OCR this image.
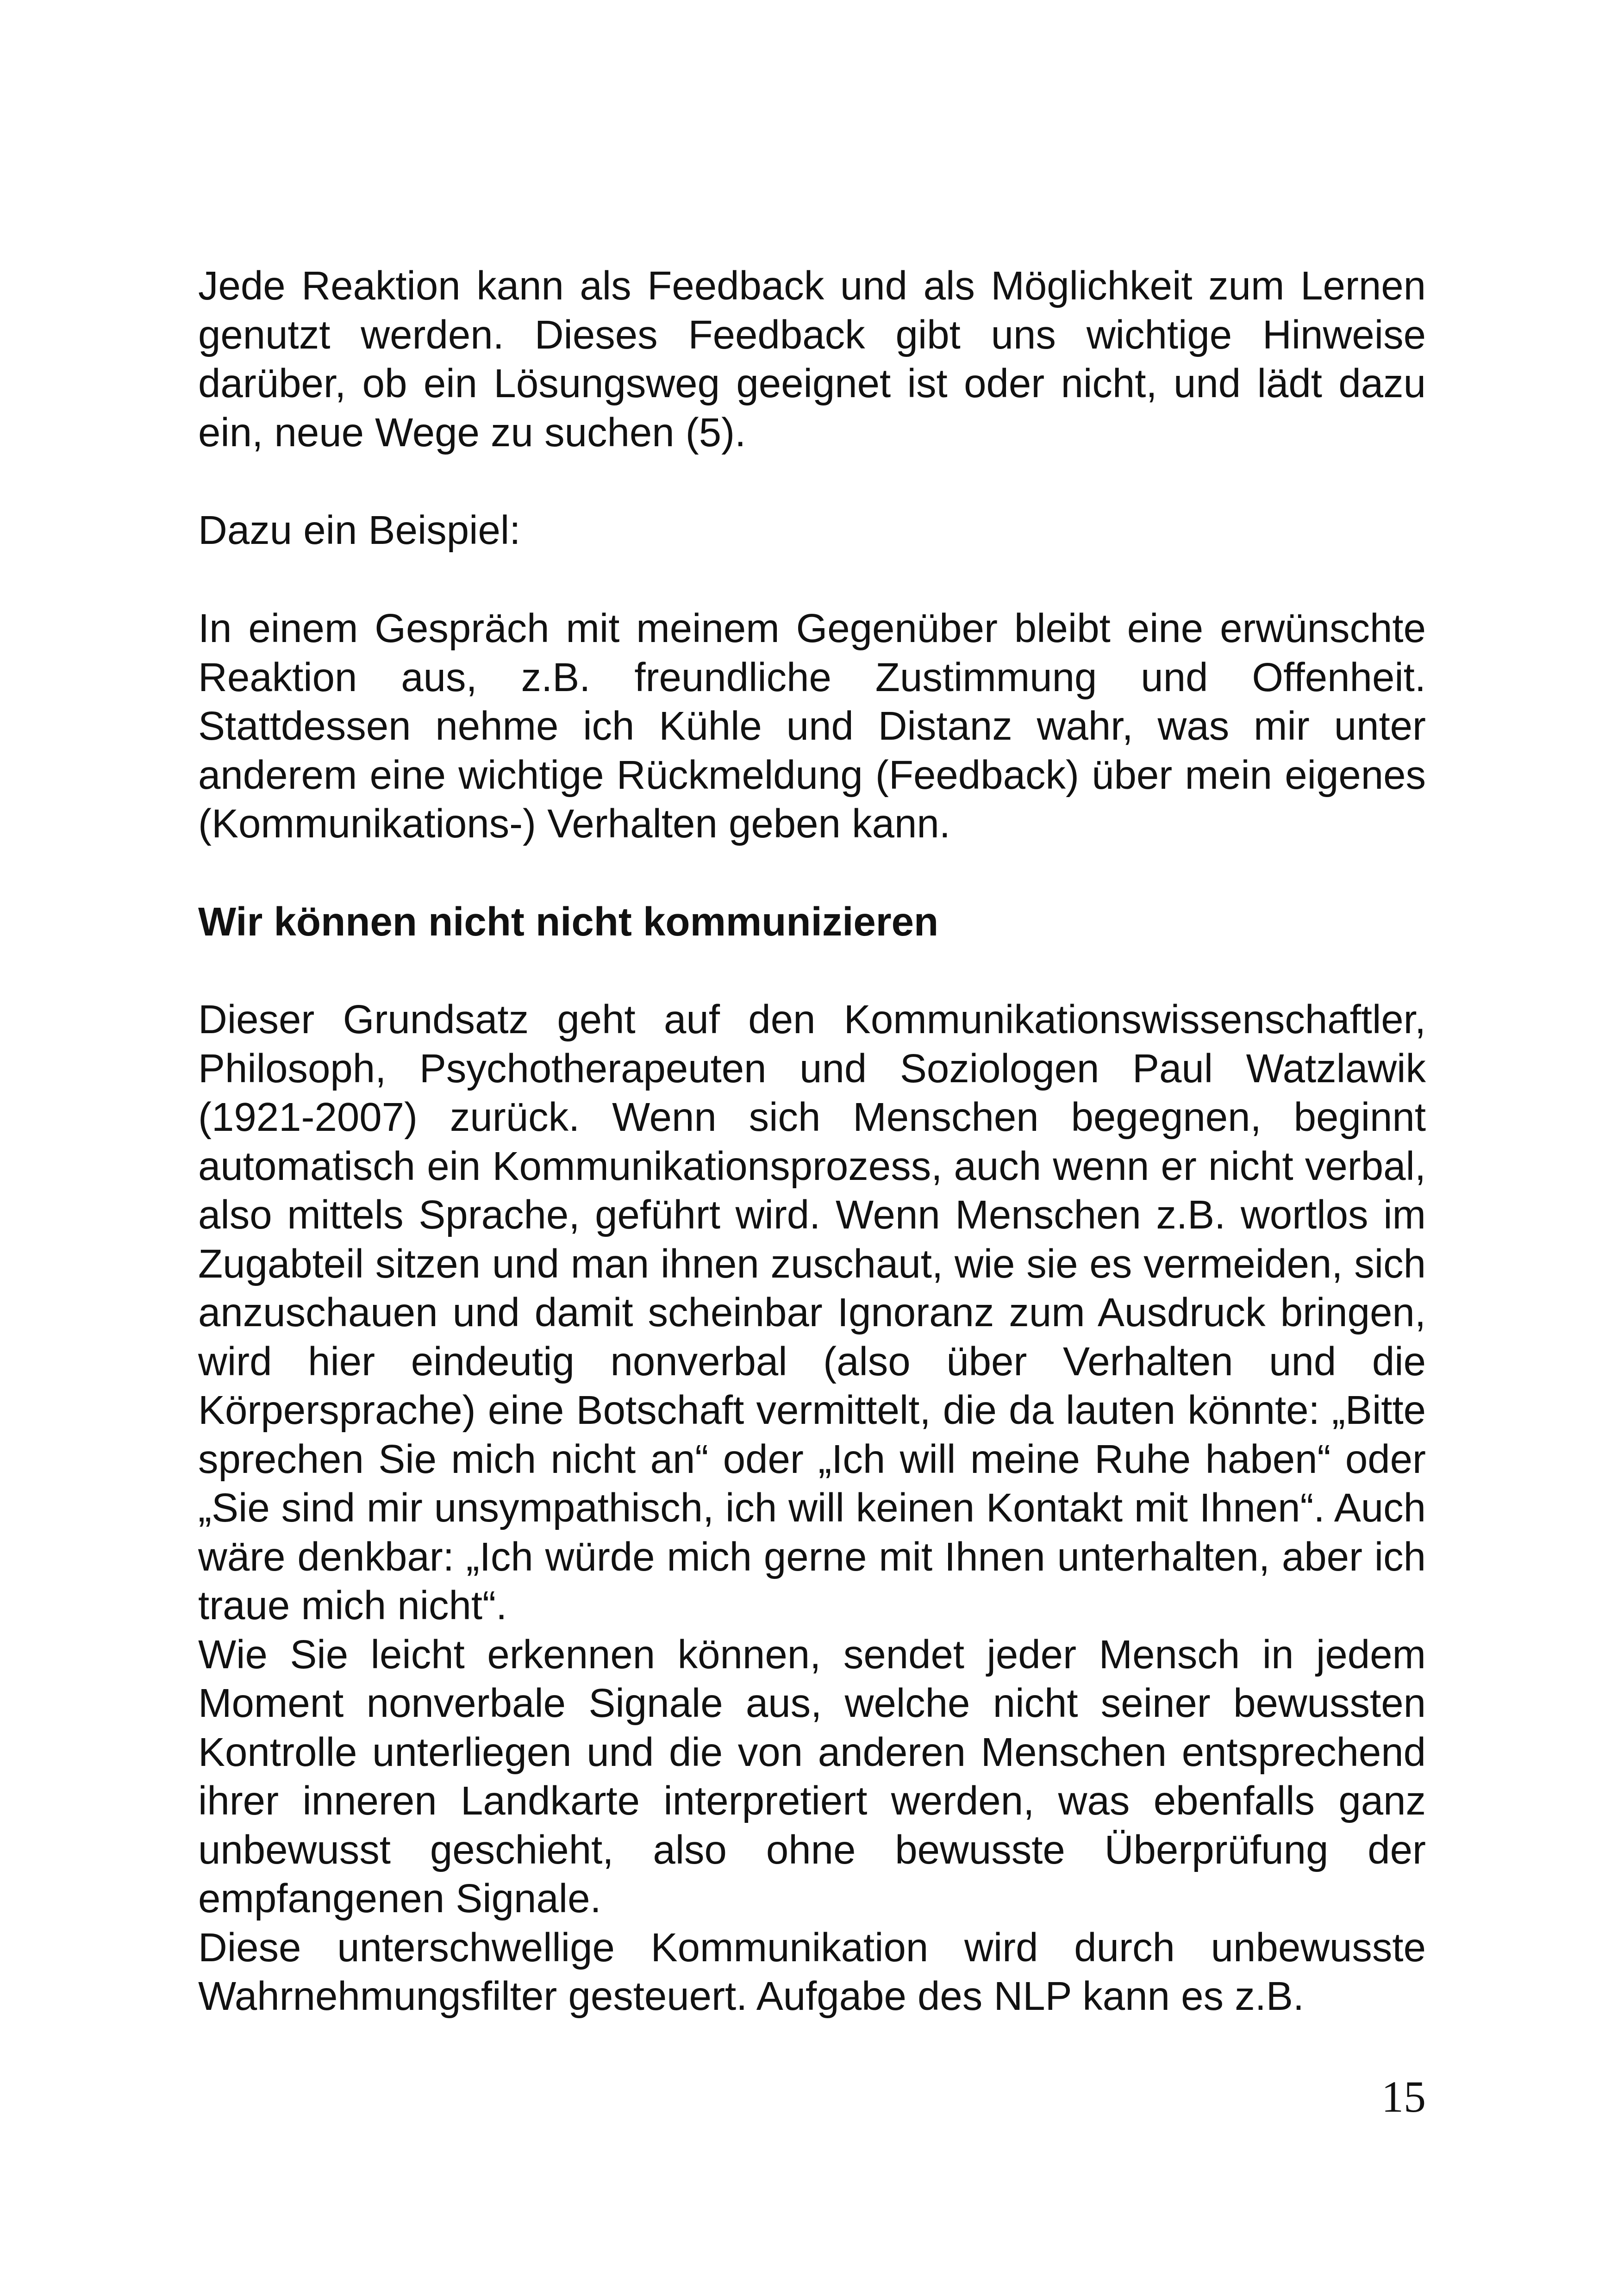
Jede Reaktion kann als Feedback und als Möglichkeit zum Lernen genutzt werden. Dieses Feedback gibt uns wichtige Hinweise darüber, ob ein Lösungsweg geeignet ist oder nicht, und lädt dazu ein, neue Wege zu suchen (5).

Dazu ein Beispiel:

In einem Gespräch mit meinem Gegenüber bleibt eine erwünschte Reaktion aus, z.B. freundliche Zustimmung und Offenheit. Stattdessen nehme ich Kühle und Distanz wahr, was mir unter anderem eine wichtige Rückmeldung (Feedback) über mein eigenes (Kommunikations-) Verhalten geben kann.

Wir können nicht nicht kommunizieren

Dieser Grundsatz geht auf den Kommunikationswissenschaftler, Philosoph, Psychotherapeuten und Soziologen Paul Watzlawik (1921-2007) zurück. Wenn sich Menschen begegnen, beginnt automatisch ein Kommunikationsprozess, auch wenn er nicht verbal, also mittels Sprache, geführt wird. Wenn Menschen z.B. wortlos im Zugabteil sitzen und man ihnen zuschaut, wie sie es vermeiden, sich anzuschauen und damit scheinbar Ignoranz zum Ausdruck bringen, wird hier eindeutig nonverbal (also über Verhalten und die Körpersprache) eine Botschaft vermittelt, die da lauten könnte: „Bitte sprechen Sie mich nicht an“ oder „Ich will meine Ruhe haben“ oder „Sie sind mir unsympathisch, ich will keinen Kontakt mit Ihnen“. Auch wäre denkbar: „Ich würde mich gerne mit Ihnen unterhalten, aber ich traue mich nicht“.

Wie Sie leicht erkennen können, sendet jeder Mensch in jedem Moment nonverbale Signale aus, welche nicht seiner bewussten Kontrolle unterliegen und die von anderen Menschen entsprechend ihrer inneren Landkarte interpretiert werden, was ebenfalls ganz unbewusst geschieht, also ohne bewusste Überprüfung der empfangenen Signale.

Diese unterschwellige Kommunikation wird durch unbewusste Wahrnehmungsfilter gesteuert. Aufgabe des NLP kann es z.B.

15
